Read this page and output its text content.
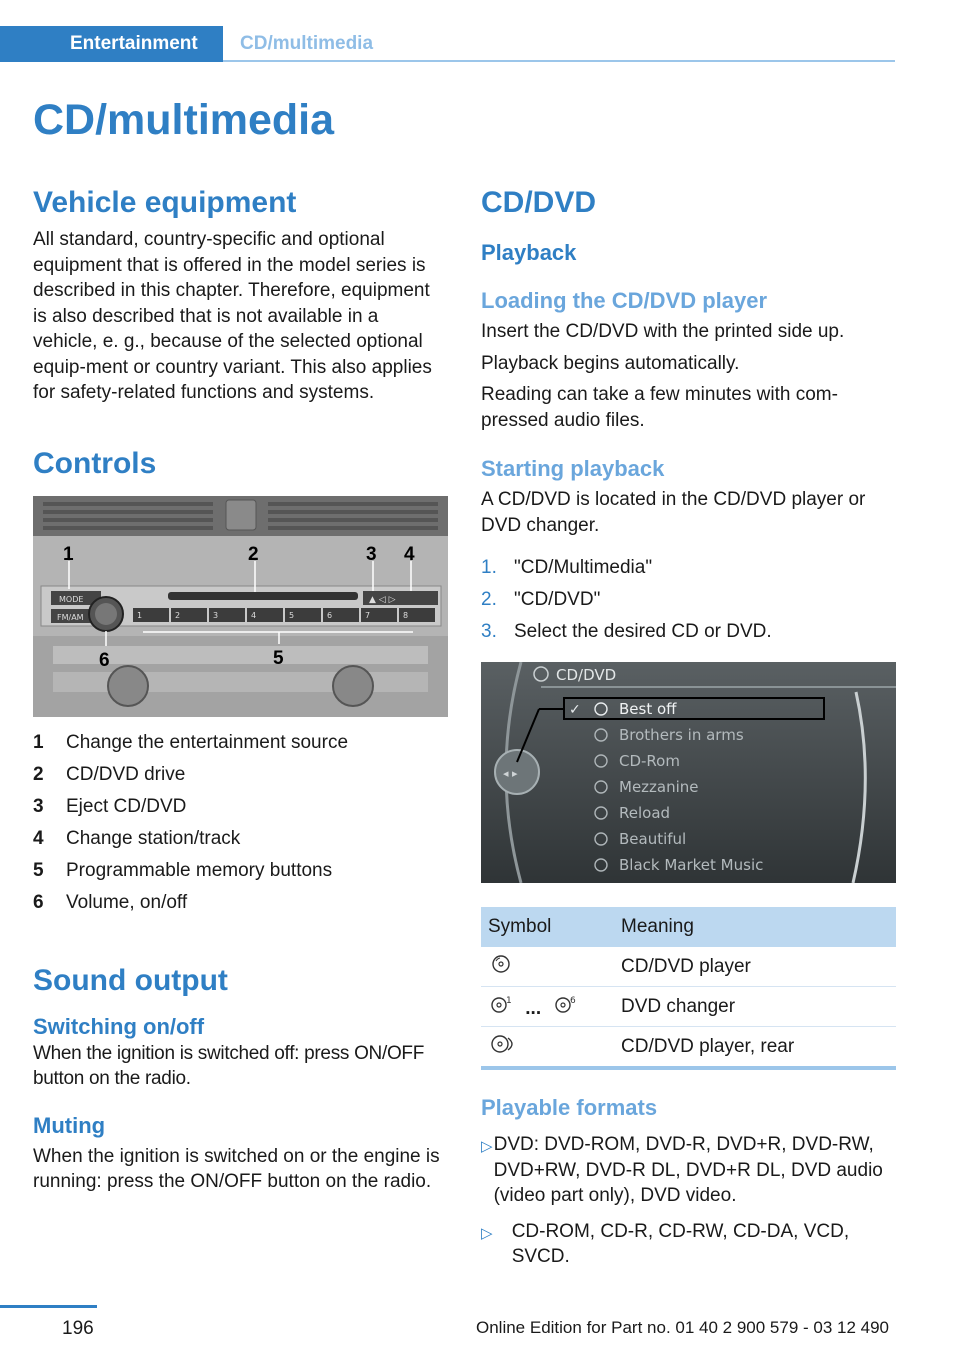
Entertainment	CD/multimedia
CD/multimedia
Vehicle equipment

All standard, country-specific and optional equipment that is offered in the model series is described in this chapter. Therefore, equipment is also described that is not available in a vehicle, e. g., because of the selected optional equip‐ment or country variant. This also applies for safety-related functions and systems.

Controls
MODE
FM/AM
▲ ◁ ▷
1	2	3	4	5	6	7	8
1	2	3 4
5
6
1	Change the entertainment source
2	CD/DVD drive
3	Eject CD/DVD
4	Change station/track
5	Programmable memory buttons
6	Volume, on/off
Sound output
Switching on/off

When the ignition is switched off: press ON/OFF button on the radio.

Muting

When the ignition is switched on or the engine is running: press the ON/OFF button on the radio.

CD/DVD
Playback
Loading the CD/DVD player

Insert the CD/DVD with the printed side up.

Playback begins automatically.

Reading can take a few minutes with com‐pressed audio files.

Starting playback

A CD/DVD is located in the CD/DVD player or DVD changer.

1. "CD/Multimedia"
2. "CD/DVD"
3. Select the desired CD or DVD.
◂ ▸
CD/DVD
✓	Best off
Brothers in arms
CD-Rom
Mezzanine
Reload
Beautiful
Black Market Music
Symbol	Meaning
	CD/DVD player

1 ... 6	DVD changer
	CD/DVD player, rear
Playable formats
▷ DVD: DVD-ROM, DVD-R, DVD+R, DVD-RW, DVD+RW, DVD-R DL, DVD+R DL, DVD audio (video part only), DVD video.
▷	CD-ROM, CD-R, CD-RW, CD-DA, VCD, SVCD.
196	Online Edition for Part no. 01 40 2 900 579 - 03 12 490
